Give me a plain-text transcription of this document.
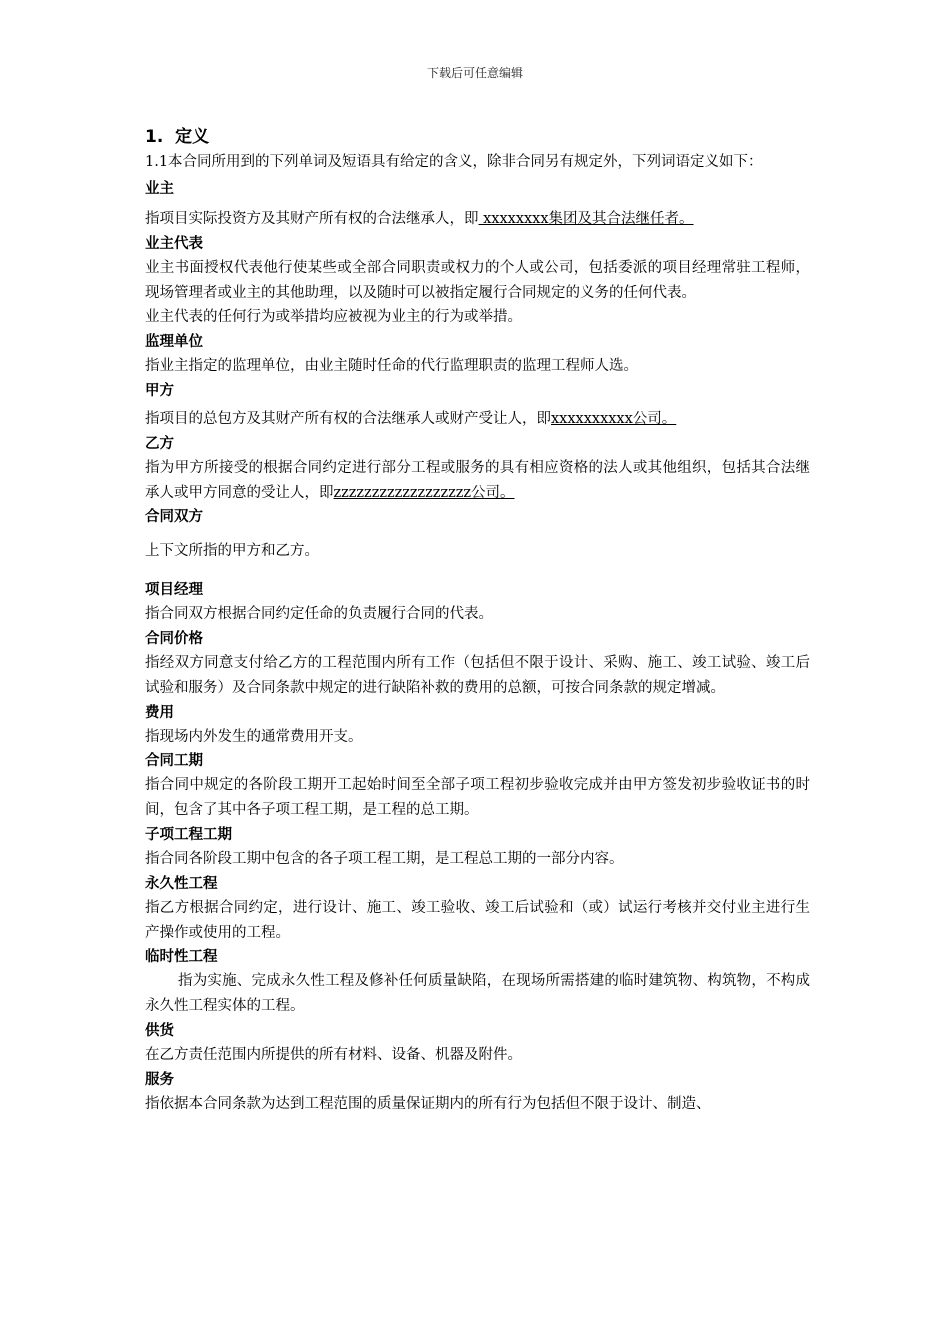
下载后可任意编辑
1. 定义

1.1本合同所用到的下列单词及短语具有给定的含义，除非合同另有规定外，下列词语定义如下：

业主

指项目实际投资方及其财产所有权的合法继承人，即 xxxxxxxx集团及其合法继任者。

业主代表

业主书面授权代表他行使某些或全部合同职责或权力的个人或公司，包括委派的项目经理常驻工程师，现场管理者或业主的其他助理，以及随时可以被指定履行合同规定的义务的任何代表。

业主代表的任何行为或举措均应被视为业主的行为或举措。

监理单位

指业主指定的监理单位，由业主随时任命的代行监理职责的监理工程师人选。

甲方

指项目的总包方及其财产所有权的合法继承人或财产受让人，即xxxxxxxxxx公司。

乙方

指为甲方所接受的根据合同约定进行部分工程或服务的具有相应资格的法人或其他组织，包括其合法继承人或甲方同意的受让人，即zzzzzzzzzzzzzzzzzz公司。

合同双方

上下文所指的甲方和乙方。

项目经理

指合同双方根据合同约定任命的负责履行合同的代表。

合同价格

指经双方同意支付给乙方的工程范围内所有工作（包括但不限于设计、采购、施工、竣工试验、竣工后试验和服务）及合同条款中规定的进行缺陷补救的费用的总额，可按合同条款的规定增减。

费用

指现场内外发生的通常费用开支。

合同工期

指合同中规定的各阶段工期开工起始时间至全部子项工程初步验收完成并由甲方签发初步验收证书的时间，包含了其中各子项工程工期，是工程的总工期。

子项工程工期

指合同各阶段工期中包含的各子项工程工期，是工程总工期的一部分内容。

永久性工程

指乙方根据合同约定，进行设计、施工、竣工验收、竣工后试验和（或）试运行考核并交付业主进行生产操作或使用的工程。

临时性工程

指为实施、完成永久性工程及修补任何质量缺陷，在现场所需搭建的临时建筑物、构筑物，不构成永久性工程实体的工程。

供货

在乙方责任范围内所提供的所有材料、设备、机器及附件。

服务

指依据本合同条款为达到工程范围的质量保证期内的所有行为包括但不限于设计、制造、
